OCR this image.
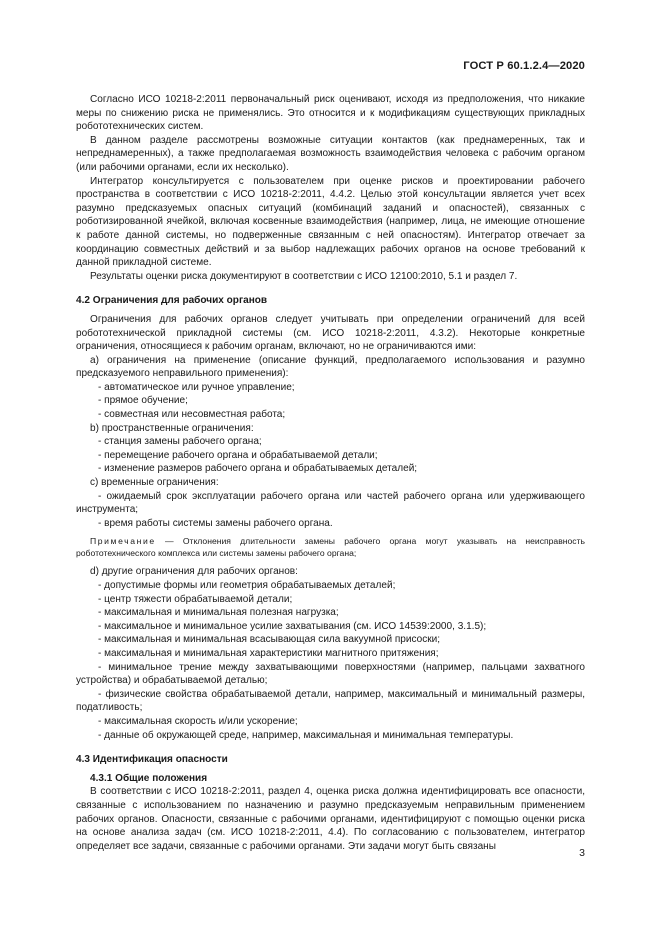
ГОСТ Р 60.1.2.4—2020

Согласно ИСО 10218-2:2011 первоначальный риск оценивают, исходя из предположения, что никакие меры по снижению риска не применялись. Это относится и к модификациям существующих прикладных робототехнических систем.

В данном разделе рассмотрены возможные ситуации контактов (как преднамеренных, так и непреднамеренных), а также предполагаемая возможность взаимодействия человека с рабочим органом (или рабочими органами, если их несколько).

Интегратор консультируется с пользователем при оценке рисков и проектировании рабочего пространства в соответствии с ИСО 10218-2:2011, 4.4.2. Целью этой консультации является учет всех разумно предсказуемых опасных ситуаций (комбинаций заданий и опасностей), связанных с роботизированной ячейкой, включая косвенные взаимодействия (например, лица, не имеющие отношение к работе данной системы, но подверженные связанным с ней опасностям). Интегратор отвечает за координацию совместных действий и за выбор надлежащих рабочих органов на основе требований к данной прикладной системе.

Результаты оценки риска документируют в соответствии с ИСО 12100:2010, 5.1 и раздел 7.

4.2 Ограничения для рабочих органов

Ограничения для рабочих органов следует учитывать при определении ограничений для всей робототехнической прикладной системы (см. ИСО 10218-2:2011, 4.3.2). Некоторые конкретные ограничения, относящиеся к рабочим органам, включают, но не ограничиваются ими:

a) ограничения на применение (описание функций, предполагаемого использования и разумно предсказуемого неправильного применения):

- автоматическое или ручное управление;

- прямое обучение;

- совместная или несовместная работа;

b) пространственные ограничения:

- станция замены рабочего органа;

- перемещение рабочего органа и обрабатываемой детали;

- изменение размеров рабочего органа и обрабатываемых деталей;

c) временные ограничения:

- ожидаемый срок эксплуатации рабочего органа или частей рабочего органа или удерживающего инструмента;

- время работы системы замены рабочего органа.

Примечание — Отклонения длительности замены рабочего органа могут указывать на неисправность робототехнического комплекса или системы замены рабочего органа;

d) другие ограничения для рабочих органов:

- допустимые формы или геометрия обрабатываемых деталей;

- центр тяжести обрабатываемой детали;

- максимальная и минимальная полезная нагрузка;

- максимальное и минимальное усилие захватывания (см. ИСО 14539:2000, 3.1.5);

- максимальная и минимальная всасывающая сила вакуумной присоски;

- максимальная и минимальная характеристики магнитного притяжения;

- минимальное трение между захватывающими поверхностями (например, пальцами захватного устройства) и обрабатываемой деталью;

- физические свойства обрабатываемой детали, например, максимальный и минимальный размеры, податливость;

- максимальная скорость и/или ускорение;

- данные об окружающей среде, например, максимальная и минимальная температуры.

4.3 Идентификация опасности

4.3.1 Общие положения

В соответствии с ИСО 10218-2:2011, раздел 4, оценка риска должна идентифицировать все опасности, связанные с использованием по назначению и разумно предсказуемым неправильным применением рабочих органов. Опасности, связанные с рабочими органами, идентифицируют с помощью оценки риска на основе анализа задач (см. ИСО 10218-2:2011, 4.4). По согласованию с пользователем, интегратор определяет все задачи, связанные с рабочими органами. Эти задачи могут быть связаны

3
